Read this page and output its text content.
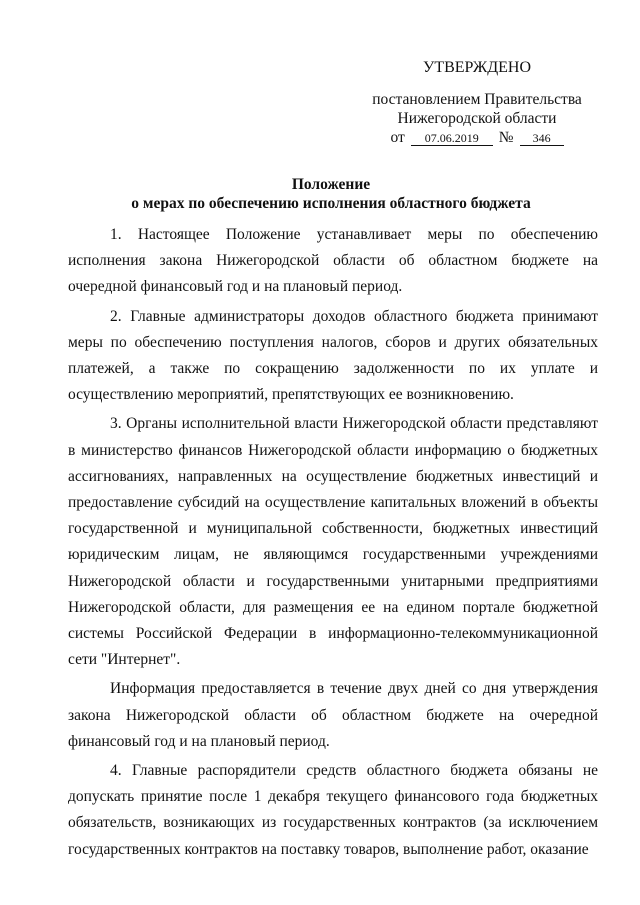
УТВЕРЖДЕНО
постановлением Правительства
Нижегородской области
от 07.06.2019 № 346
Положение
о мерах по обеспечению исполнения областного бюджета

1. Настоящее Положение устанавливает меры по обеспечению исполнения закона Нижегородской области об областном бюджете на очередной финансовый год и на плановый период.

2. Главные администраторы доходов областного бюджета принимают меры по обеспечению поступления налогов, сборов и других обязательных платежей, а также по сокращению задолженности по их уплате и осуществлению мероприятий, препятствующих ее возникновению.

3. Органы исполнительной власти Нижегородской области представляют в министерство финансов Нижегородской области информацию о бюджетных ассигнованиях, направленных на осуществление бюджетных инвестиций и предоставление субсидий на осуществление капитальных вложений в объекты государственной и муниципальной собственности, бюджетных инвестиций юридическим лицам, не являющимся государственными учреждениями Нижегородской области и государственными унитарными предприятиями Нижегородской области, для размещения ее на едином портале бюджетной системы Российской Федерации в информационно-телекоммуникационной сети "Интернет".

Информация предоставляется в течение двух дней со дня утверждения закона Нижегородской области об областном бюджете на очередной финансовый год и на плановый период.

4. Главные распорядители средств областного бюджета обязаны не допускать принятие после 1 декабря текущего финансового года бюджетных обязательств, возникающих из государственных контрактов (за исключением государственных контрактов на поставку товаров, выполнение работ, оказание
